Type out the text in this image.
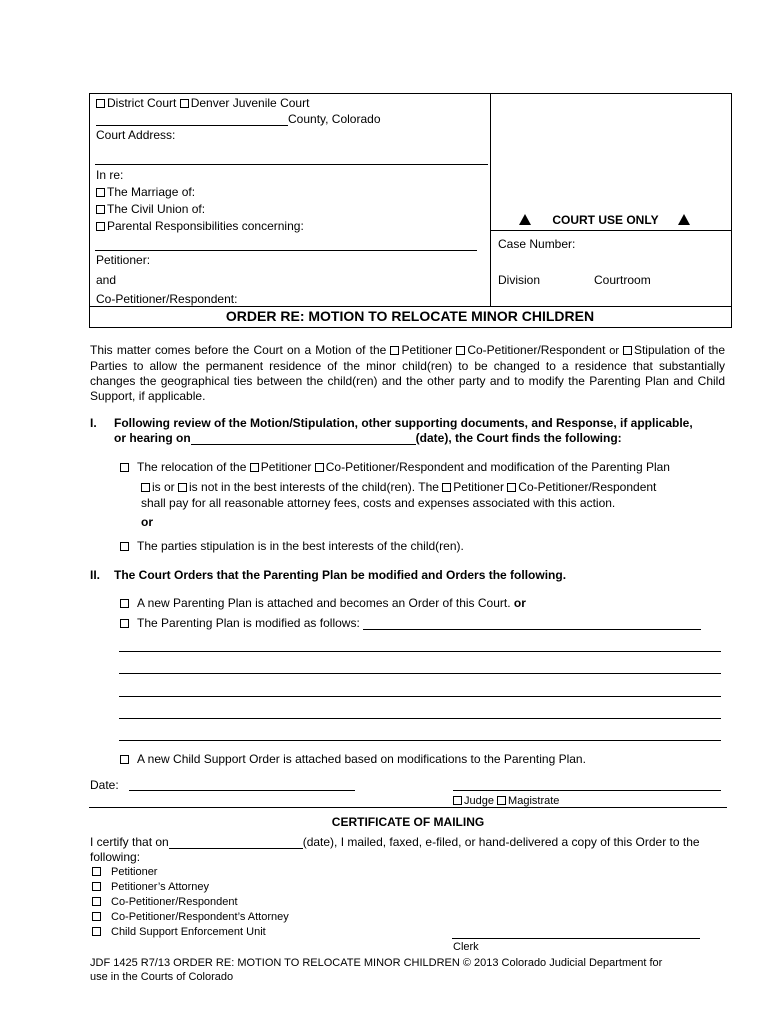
District Court Denver Juvenile Court
County, Colorado
Court Address:
In re:
The Marriage of:
The Civil Union of:
Parental Responsibilities concerning:
Petitioner:
and
Co-Petitioner/Respondent:
COURT USE ONLY
Case Number:
Division	Courtroom
ORDER RE: MOTION TO RELOCATE MINOR CHILDREN
This matter comes before the Court on a Motion of the Petitioner Co-Petitioner/Respondent or Stipulation of the Parties to allow the permanent residence of the minor child(ren) to be changed to a residence that substantially changes the geographical ties between the child(ren) and the other party and to modify the Parenting Plan and Child Support, if applicable.
I. Following review of the Motion/Stipulation, other supporting documents, and Response, if applicable,
or hearing on	(date), the Court finds the following:
The relocation of the Petitioner Co-Petitioner/Respondent and modification of the Parenting Plan
is or is not in the best interests of the child(ren). The Petitioner Co-Petitioner/Respondent
shall pay for all reasonable attorney fees, costs and expenses associated with this action.
or
The parties stipulation is in the best interests of the child(ren).
II. The Court Orders that the Parenting Plan be modified and Orders the following.
A new Parenting Plan is attached and becomes an Order of this Court. or
The Parenting Plan is modified as follows:
A new Child Support Order is attached based on modifications to the Parenting Plan.
Date:
Judge Magistrate
CERTIFICATE OF MAILING
I certify that on	(date), I mailed, faxed, e-filed, or hand-delivered a copy of this Order to the
following:
Petitioner
Petitioner’s Attorney
Co-Petitioner/Respondent
Co-Petitioner/Respondent’s Attorney
Child Support Enforcement Unit
Clerk
JDF 1425 R7/13 ORDER RE: MOTION TO RELOCATE MINOR CHILDREN © 2013 Colorado Judicial Department for
use in the Courts of Colorado
